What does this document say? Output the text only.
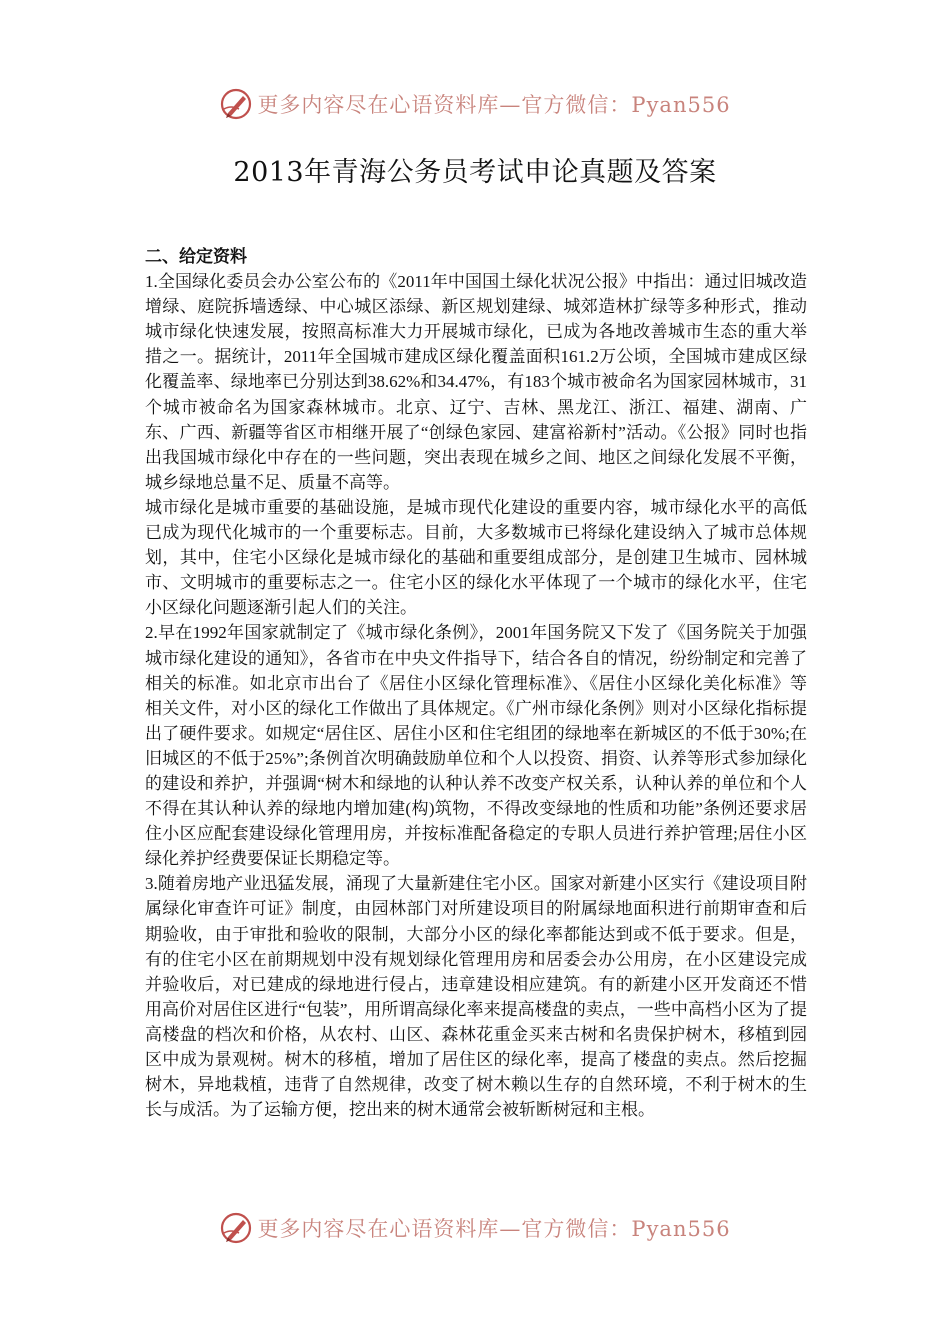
更多内容尽在心语资料库—官方微信：Pyan556
2013年青海公务员考试申论真题及答案

二、给定资料

1.全国绿化委员会办公室公布的《2011年中国国土绿化状况公报》中指出：通过旧城改造增绿、庭院拆墙透绿、中心城区添绿、新区规划建绿、城郊造林扩绿等多种形式，推动城市绿化快速发展，按照高标准大力开展城市绿化，已成为各地改善城市生态的重大举措之一。据统计，2011年全国城市建成区绿化覆盖面积161.2万公顷，全国城市建成区绿化覆盖率、绿地率已分别达到38.62%和34.47%，有183个城市被命名为国家园林城市，31个城市被命名为国家森林城市。北京、辽宁、吉林、黑龙江、浙江、福建、湖南、广东、广西、新疆等省区市相继开展了“创绿色家园、建富裕新村”活动。《公报》同时也指出我国城市绿化中存在的一些问题，突出表现在城乡之间、地区之间绿化发展不平衡，城乡绿地总量不足、质量不高等。

城市绿化是城市重要的基础设施，是城市现代化建设的重要内容，城市绿化水平的高低已成为现代化城市的一个重要标志。目前，大多数城市已将绿化建设纳入了城市总体规划，其中，住宅小区绿化是城市绿化的基础和重要组成部分，是创建卫生城市、园林城市、文明城市的重要标志之一。住宅小区的绿化水平体现了一个城市的绿化水平，住宅小区绿化问题逐渐引起人们的关注。

2.早在1992年国家就制定了《城市绿化条例》，2001年国务院又下发了《国务院关于加强城市绿化建设的通知》，各省市在中央文件指导下，结合各自的情况，纷纷制定和完善了相关的标准。如北京市出台了《居住小区绿化管理标准》、《居住小区绿化美化标准》等相关文件，对小区的绿化工作做出了具体规定。《广州市绿化条例》则对小区绿化指标提出了硬件要求。如规定“居住区、居住小区和住宅组团的绿地率在新城区的不低于30%;在旧城区的不低于25%”;条例首次明确鼓励单位和个人以投资、捐资、认养等形式参加绿化的建设和养护，并强调“树木和绿地的认种认养不改变产权关系，认种认养的单位和个人不得在其认种认养的绿地内增加建(构)筑物，不得改变绿地的性质和功能”条例还要求居住小区应配套建设绿化管理用房，并按标准配备稳定的专职人员进行养护管理;居住小区绿化养护经费要保证长期稳定等。

3.随着房地产业迅猛发展，涌现了大量新建住宅小区。国家对新建小区实行《建设项目附属绿化审查许可证》制度，由园林部门对所建设项目的附属绿地面积进行前期审查和后期验收，由于审批和验收的限制，大部分小区的绿化率都能达到或不低于要求。但是，有的住宅小区在前期规划中没有规划绿化管理用房和居委会办公用房，在小区建设完成并验收后，对已建成的绿地进行侵占，违章建设相应建筑。有的新建小区开发商还不惜用高价对居住区进行“包装”，用所谓高绿化率来提高楼盘的卖点，一些中高档小区为了提高楼盘的档次和价格，从农村、山区、森林花重金买来古树和名贵保护树木，移植到园区中成为景观树。树木的移植，增加了居住区的绿化率，提高了楼盘的卖点。然后挖掘树木，异地栽植，违背了自然规律，改变了树木赖以生存的自然环境，不利于树木的生长与成活。为了运输方便，挖出来的树木通常会被斩断树冠和主根。

更多内容尽在心语资料库—官方微信：Pyan556
